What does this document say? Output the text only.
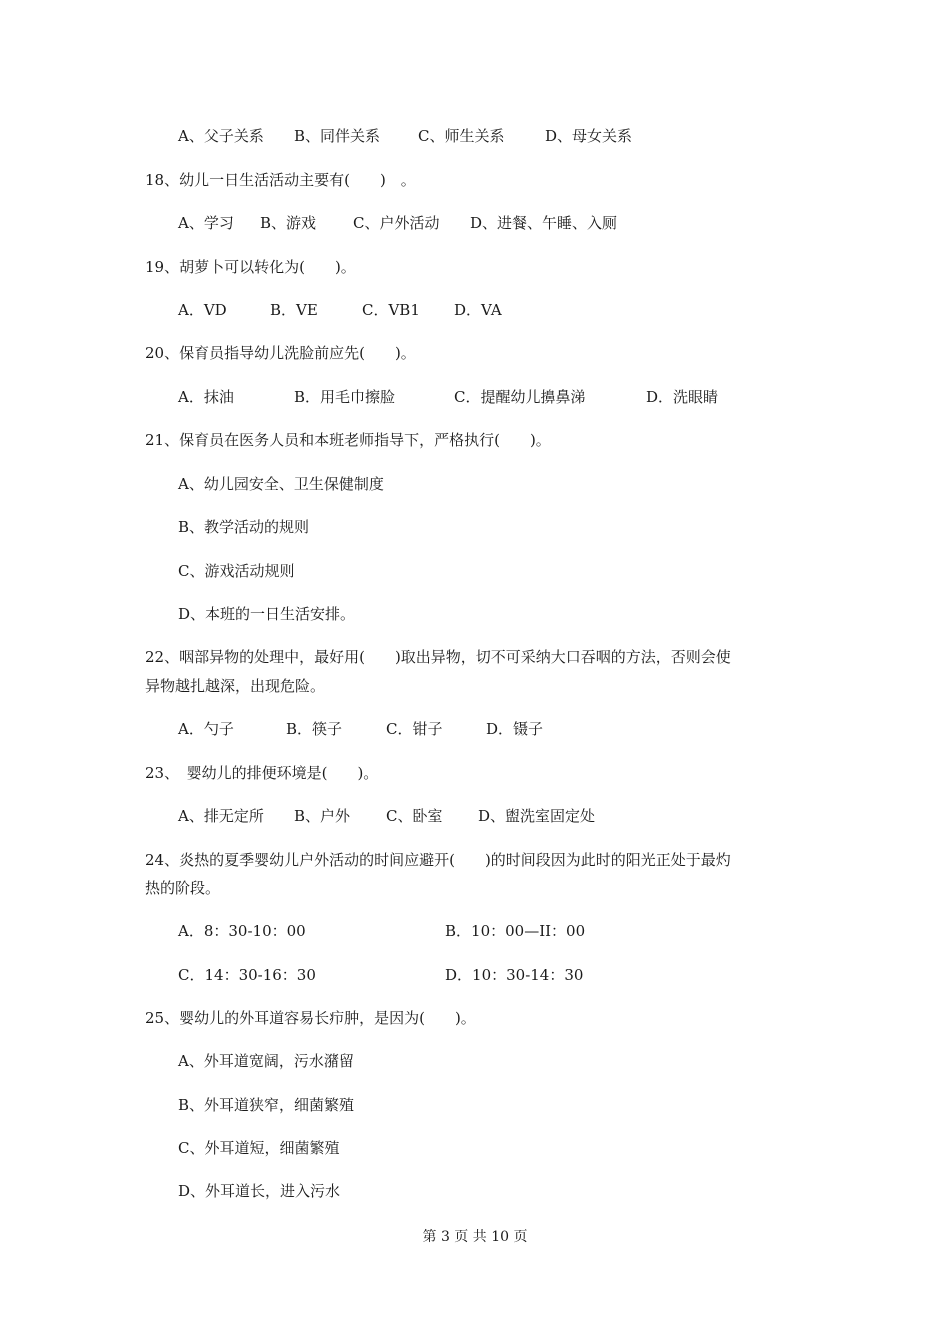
A、父子关系 B、同伴关系	C、师生关系	D、母女关系
18、幼儿一日生活活动主要有(　　)　。
A、学习 B、游戏 C、户外活动 D、进餐、午睡、入厕
19、胡萝卜可以转化为(　　)。
A．VD	B．VE	C．VB1 D．VA
20、保育员指导幼儿洗脸前应先(　　)。
A．抹油	B．用毛巾擦脸	C．提醒幼儿擤鼻涕	D．洗眼睛
21、保育员在医务人员和本班老师指导下，严格执行(　　)。
A、幼儿园安全、卫生保健制度
B、教学活动的规则
C、游戏活动规则
D、本班的一日生活安排。
22、咽部异物的处理中，最好用(　　)取出异物，切不可采纳大口吞咽的方法，否则会使
异物越扎越深，出现危险。
A．勺子	B．筷子	C．钳子	D．镊子
23、　婴幼儿的排便环境是(　　)。
A、排无定所 B、户外 C、卧室 D、盥洗室固定处
24、炎热的夏季婴幼儿户外活动的时间应避开(　　)的时间段因为此时的阳光正处于最灼
热的阶段。
A．8：30-10：00	B．10：00—II：00
C．14：30-16：30	D．10：30-14：30
25、婴幼儿的外耳道容易长疖肿，是因为(　　)。
A、外耳道宽阔，污水潴留
B、外耳道狭窄，细菌繁殖
C、外耳道短，细菌繁殖
D、外耳道长，进入污水
第 3 页 共 10 页
